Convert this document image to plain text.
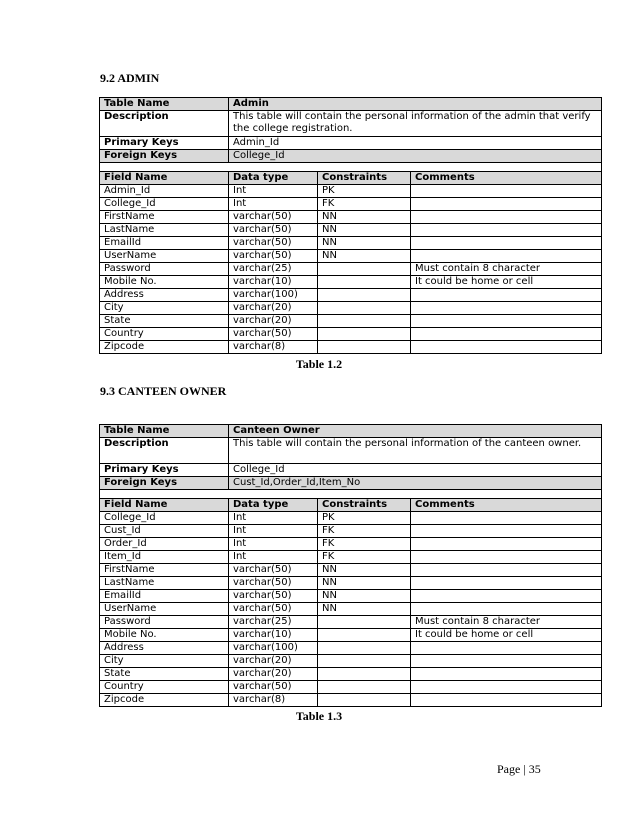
9.2 ADMIN
Table Name	Admin		
Description	This table will contain the personal information of the admin that verify the college registration.		
Primary Keys	Admin_Id		
Foreign Keys	College_Id		

Field Name	Data type	Constraints	Comments
Admin_Id	Int	PK	
College_Id	Int	FK	
FirstName	varchar(50)	NN	
LastName	varchar(50)	NN	
EmailId	varchar(50)	NN	
UserName	varchar(50)	NN	
Password	varchar(25)		Must contain 8 character
Mobile No.	varchar(10)		It could be home or cell
Address	varchar(100)		
City	varchar(20)		
State	varchar(20)		
Country	varchar(50)		
Zipcode	varchar(8)		
Table 1.2
9.3 CANTEEN OWNER
Table Name	Canteen Owner		
Description	This table will contain the personal information of the canteen owner.		
Primary Keys	College_Id		
Foreign Keys	Cust_Id,Order_Id,Item_No		

Field Name	Data type	Constraints	Comments
College_Id	Int	PK	
Cust_Id	Int	FK	
Order_Id	Int	FK	
Item_Id	Int	FK	
FirstName	varchar(50)	NN	
LastName	varchar(50)	NN	
EmailId	varchar(50)	NN	
UserName	varchar(50)	NN	
Password	varchar(25)		Must contain 8 character
Mobile No.	varchar(10)		It could be home or cell
Address	varchar(100)		
City	varchar(20)		
State	varchar(20)		
Country	varchar(50)		
Zipcode	varchar(8)		
Table 1.3
Page | 35
